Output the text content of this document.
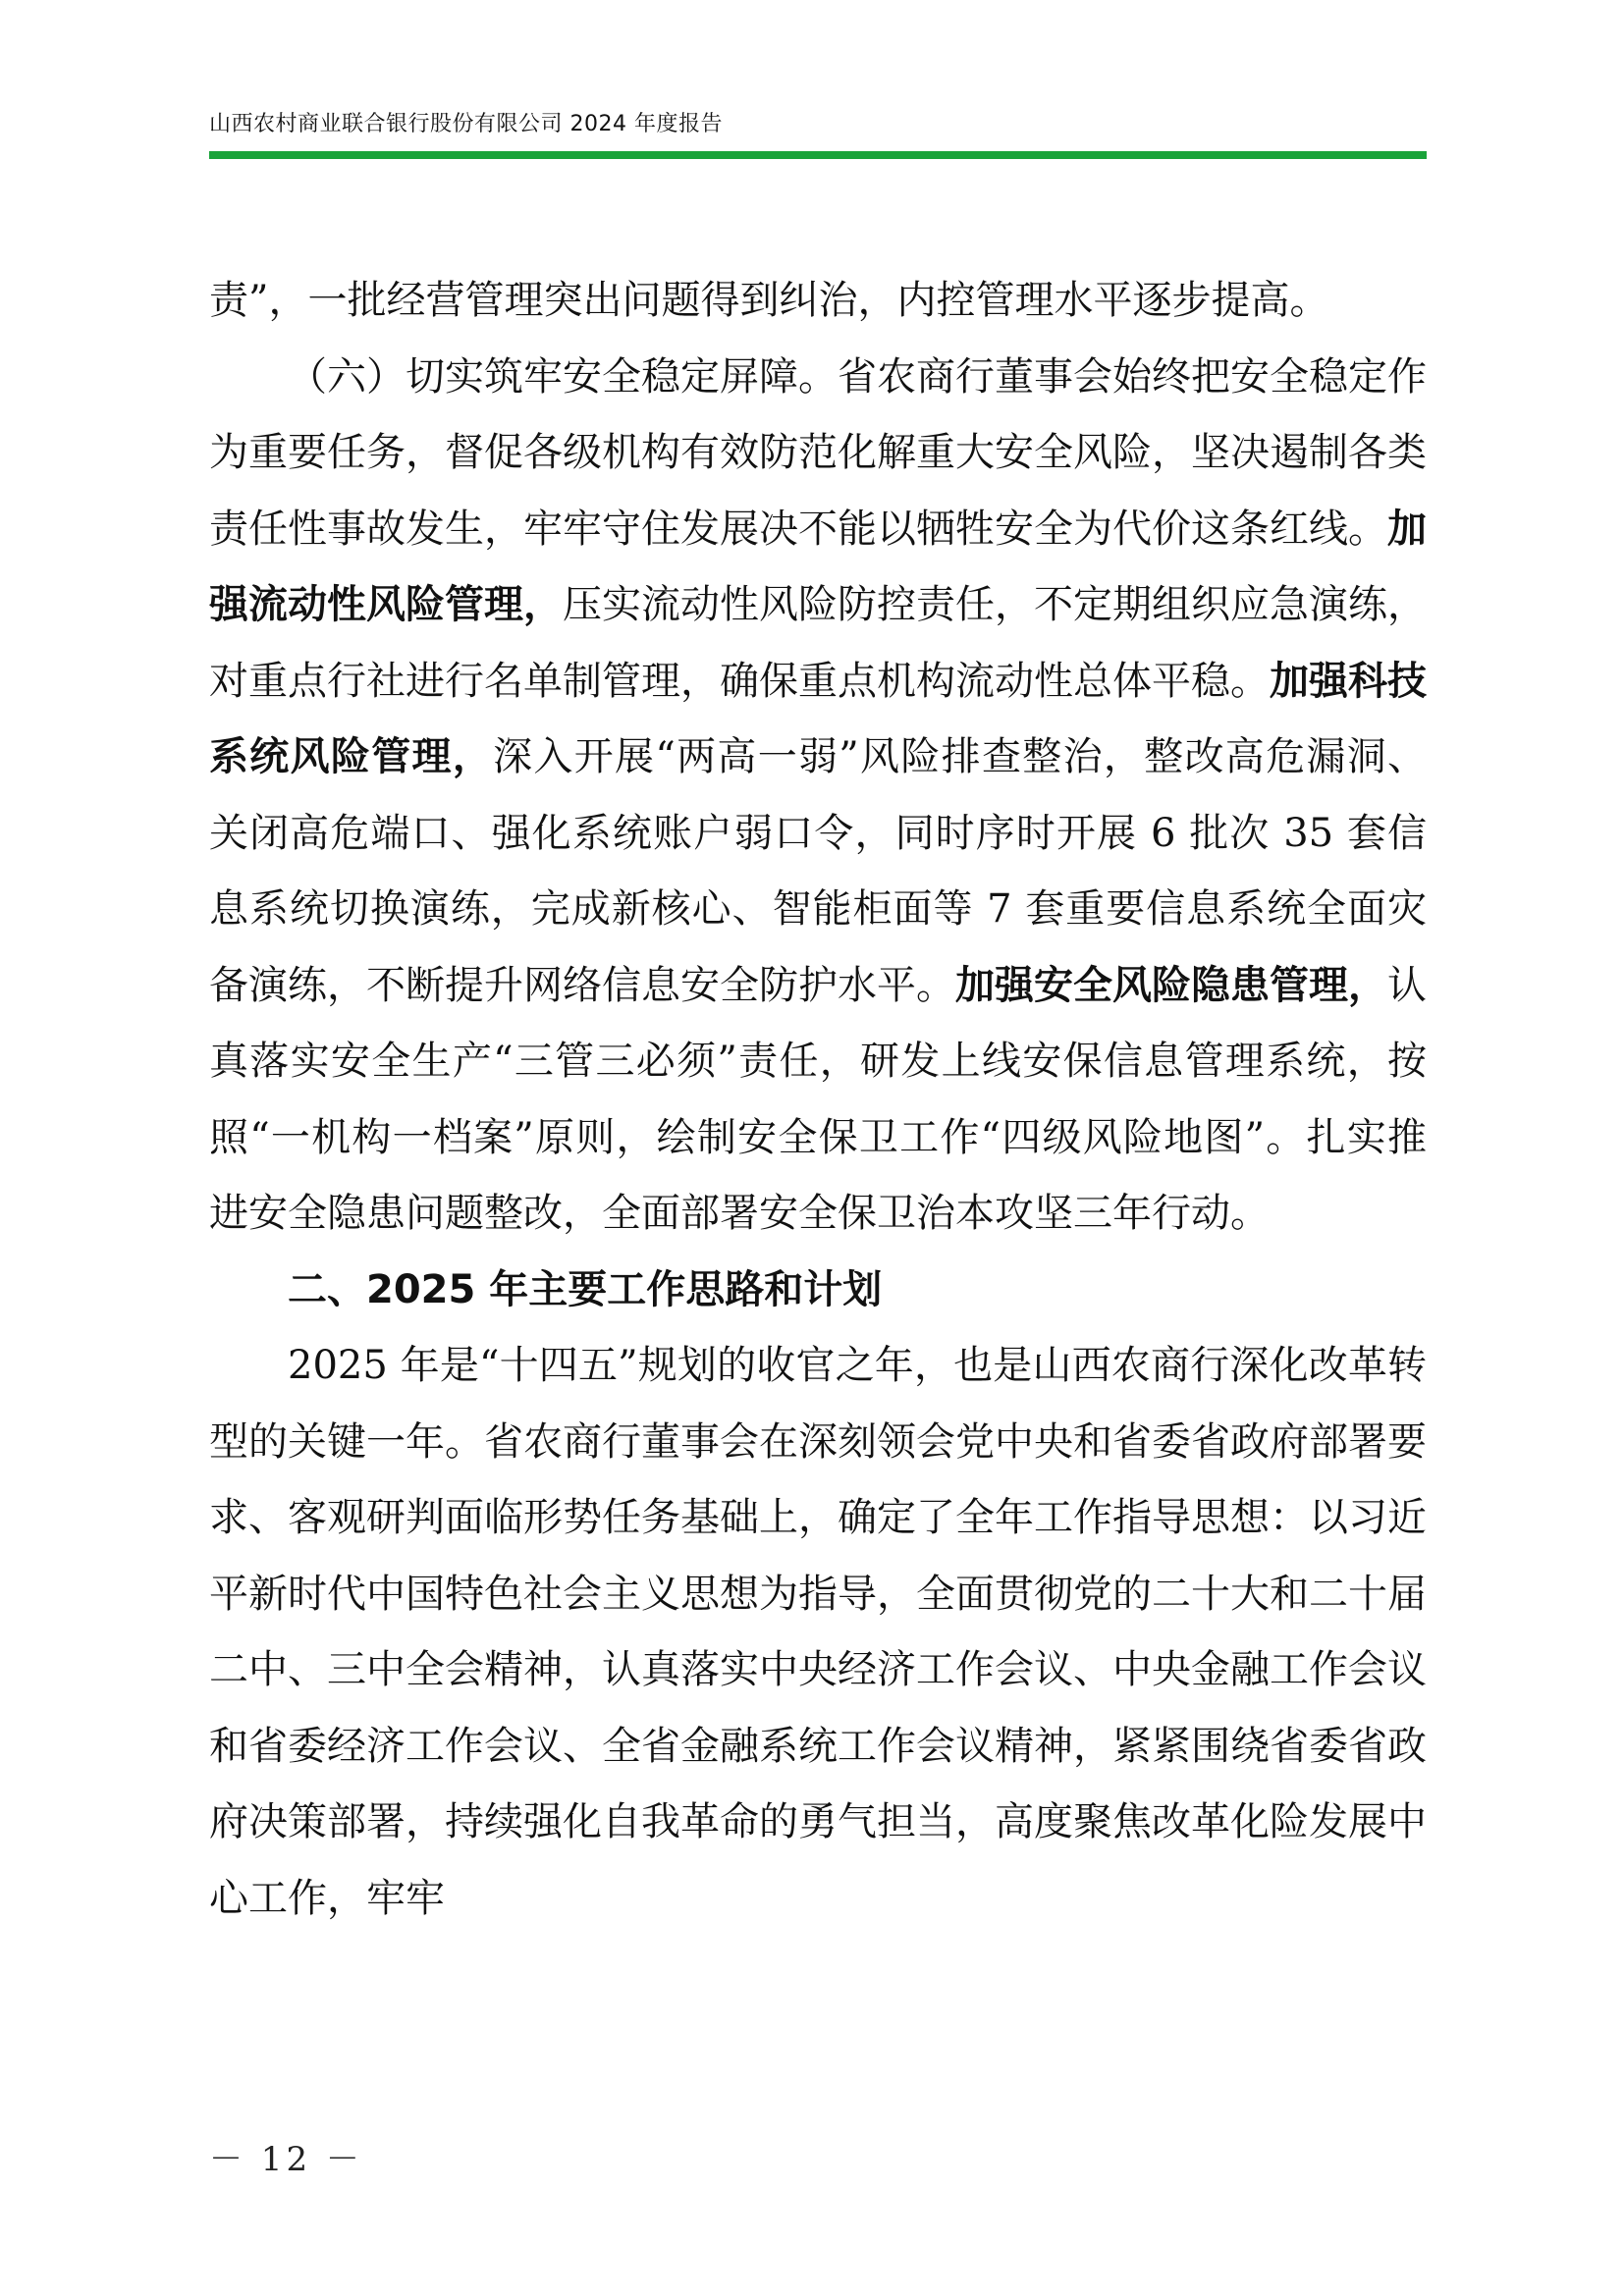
山西农村商业联合银行股份有限公司 2024 年度报告

责”，一批经营管理突出问题得到纠治，内控管理水平逐步提高。

（六）切实筑牢安全稳定屏障。省农商行董事会始终把安全稳定作为重要任务，督促各级机构有效防范化解重大安全风险，坚决遏制各类责任性事故发生，牢牢守住发展决不能以牺牲安全为代价这条红线。加强流动性风险管理，压实流动性风险防控责任，不定期组织应急演练，对重点行社进行名单制管理，确保重点机构流动性总体平稳。加强科技系统风险管理，深入开展“两高一弱”风险排查整治，整改高危漏洞、关闭高危端口、强化系统账户弱口令，同时序时开展 6 批次 35 套信息系统切换演练，完成新核心、智能柜面等 7 套重要信息系统全面灾备演练，不断提升网络信息安全防护水平。加强安全风险隐患管理，认真落实安全生产“三管三必须”责任，研发上线安保信息管理系统，按照“一机构一档案”原则，绘制安全保卫工作“四级风险地图”。扎实推进安全隐患问题整改，全面部署安全保卫治本攻坚三年行动。

二、2025 年主要工作思路和计划

2025 年是“十四五”规划的收官之年，也是山西农商行深化改革转型的关键一年。省农商行董事会在深刻领会党中央和省委省政府部署要求、客观研判面临形势任务基础上，确定了全年工作指导思想：以习近平新时代中国特色社会主义思想为指导，全面贯彻党的二十大和二十届二中、三中全会精神，认真落实中央经济工作会议、中央金融工作会议和省委经济工作会议、全省金融系统工作会议精神，紧紧围绕省委省政府决策部署，持续强化自我革命的勇气担当，高度聚焦改革化险发展中心工作，牢牢

－ 12 －
